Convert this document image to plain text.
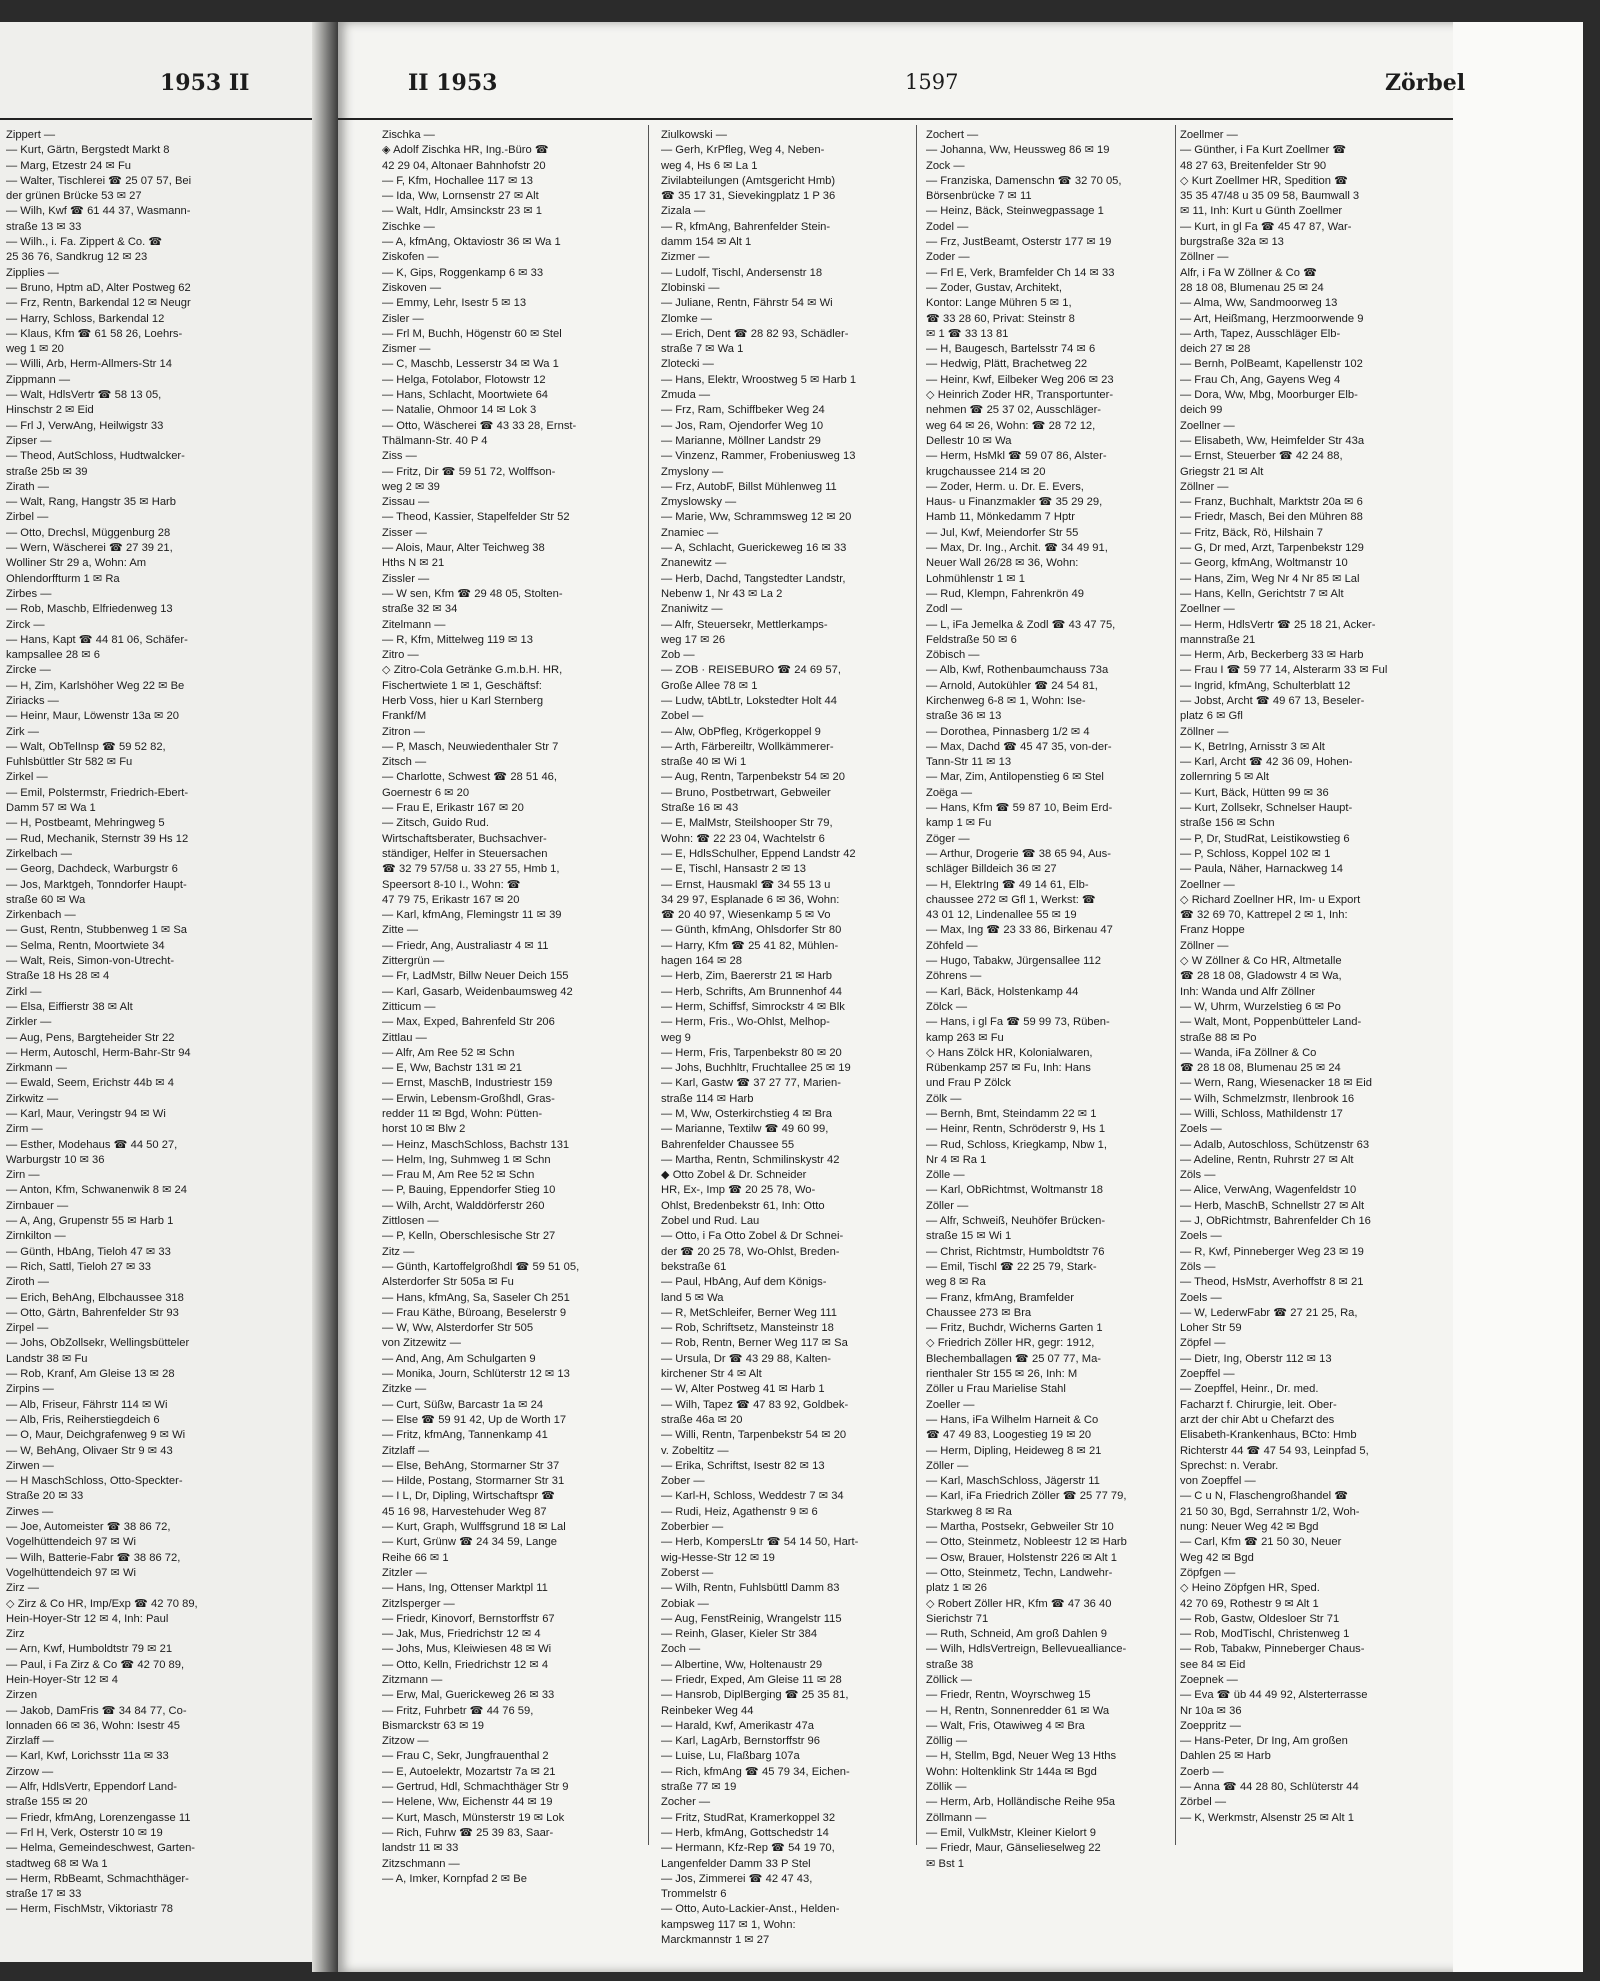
1953 II	II 1953	1597	Zörbel
Zippert —
— Kurt, Gärtn, Bergstedt Markt 8
— Marg, Etzestr 24 ✉ Fu
— Walter, Tischlerei ☎ 25 07 57, Bei
der grünen Brücke 53 ✉ 27
— Wilh, Kwf ☎ 61 44 37, Wasmann-
straße 13 ✉ 33
— Wilh., i. Fa. Zippert & Co. ☎
25 36 76, Sandkrug 12 ✉ 23
Zipplies —
— Bruno, Hptm aD, Alter Postweg 62
— Frz, Rentn, Barkendal 12 ✉ Neugr
— Harry, Schloss, Barkendal 12
— Klaus, Kfm ☎ 61 58 26, Loehrs-
weg 1 ✉ 20
— Willi, Arb, Herm-Allmers-Str 14
Zippmann —
— Walt, HdlsVertr ☎ 58 13 05,
Hinschstr 2 ✉ Eid
— Frl J, VerwAng, Heilwigstr 33
Zipser —
— Theod, AutSchloss, Hudtwalcker-
straße 25b ✉ 39
Zirath —
— Walt, Rang, Hangstr 35 ✉ Harb
Zirbel —
— Otto, Drechsl, Müggenburg 28
— Wern, Wäscherei ☎ 27 39 21,
Wolliner Str 29 a, Wohn: Am
Ohlendorffturm 1 ✉ Ra
Zirbes —
— Rob, Maschb, Elfriedenweg 13
Zirck —
— Hans, Kapt ☎ 44 81 06, Schäfer-
kampsallee 28 ✉ 6
Zircke —
— H, Zim, Karlshöher Weg 22 ✉ Be
Ziriacks —
— Heinr, Maur, Löwenstr 13a ✉ 20
Zirk —
— Walt, ObTelInsp ☎ 59 52 82,
Fuhlsbüttler Str 582 ✉ Fu
Zirkel —
— Emil, Polstermstr, Friedrich-Ebert-
Damm 57 ✉ Wa 1
— H, Postbeamt, Mehringweg 5
— Rud, Mechanik, Sternstr 39 Hs 12
Zirkelbach —
— Georg, Dachdeck, Warburgstr 6
— Jos, Marktgeh, Tonndorfer Haupt-
straße 60 ✉ Wa
Zirkenbach —
— Gust, Rentn, Stubbenweg 1 ✉ Sa
— Selma, Rentn, Moortwiete 34
— Walt, Reis, Simon-von-Utrecht-
Straße 18 Hs 28 ✉ 4
Zirkl —
— Elsa, Eiffierstr 38 ✉ Alt
Zirkler —
— Aug, Pens, Bargteheider Str 22
— Herm, Autoschl, Herm-Bahr-Str 94
Zirkmann —
— Ewald, Seem, Erichstr 44b ✉ 4
Zirkwitz —
— Karl, Maur, Veringstr 94 ✉ Wi
Zirm —
— Esther, Modehaus ☎ 44 50 27,
Warburgstr 10 ✉ 36
Zirn —
— Anton, Kfm, Schwanenwik 8 ✉ 24
Zirnbauer —
— A, Ang, Grupenstr 55 ✉ Harb 1
Zirnkilton —
— Günth, HbAng, Tieloh 47 ✉ 33
— Rich, Sattl, Tieloh 27 ✉ 33
Ziroth —
— Erich, BehAng, Elbchaussee 318
— Otto, Gärtn, Bahrenfelder Str 93
Zirpel —
— Johs, ObZollsekr, Wellingsbütteler
Landstr 38 ✉ Fu
— Rob, Kranf, Am Gleise 13 ✉ 28
Zirpins —
— Alb, Friseur, Fährstr 114 ✉ Wi
— Alb, Fris, Reiherstiegdeich 6
— O, Maur, Deichgrafenweg 9 ✉ Wi
— W, BehAng, Olivaer Str 9 ✉ 43
Zirwen —
— H MaschSchloss, Otto-Speckter-
Straße 20 ✉ 33
Zirwes —
— Joe, Automeister ☎ 38 86 72,
Vogelhüttendeich 97 ✉ Wi
— Wilh, Batterie-Fabr ☎ 38 86 72,
Vogelhüttendeich 97 ✉ Wi
Zirz —
◇ Zirz & Co HR, Imp/Exp ☎ 42 70 89,
Hein-Hoyer-Str 12 ✉ 4, Inh: Paul
Zirz
— Arn, Kwf, Humboldtstr 79 ✉ 21
— Paul, i Fa Zirz & Co ☎ 42 70 89,
Hein-Hoyer-Str 12 ✉ 4
Zirzen
— Jakob, DamFris ☎ 34 84 77, Co-
lonnaden 66 ✉ 36, Wohn: Isestr 45
Zirzlaff —
— Karl, Kwf, Lorichsstr 11a ✉ 33
Zirzow —
— Alfr, HdlsVertr, Eppendorf Land-
straße 155 ✉ 20
— Friedr, kfmAng, Lorenzengasse 11
— Frl H, Verk, Osterstr 10 ✉ 19
— Helma, Gemeindeschwest, Garten-
stadtweg 68 ✉ Wa 1
— Herm, RbBeamt, Schmachthäger-
straße 17 ✉ 33
— Herm, FischMstr, Viktoriastr 78
Zischka —
◈ Adolf Zischka HR, Ing.-Büro ☎
42 29 04, Altonaer Bahnhofstr 20
— F, Kfm, Hochallee 117 ✉ 13
— Ida, Ww, Lornsenstr 27 ✉ Alt
— Walt, Hdlr, Amsinckstr 23 ✉ 1
Zischke —
— A, kfmAng, Oktaviostr 36 ✉ Wa 1
Ziskofen —
— K, Gips, Roggenkamp 6 ✉ 33
Ziskoven —
— Emmy, Lehr, Isestr 5 ✉ 13
Zisler —
— Frl M, Buchh, Högenstr 60 ✉ Stel
Zismer —
— C, Maschb, Lesserstr 34 ✉ Wa 1
— Helga, Fotolabor, Flotowstr 12
— Hans, Schlacht, Moortwiete 64
— Natalie, Ohmoor 14 ✉ Lok 3
— Otto, Wäscherei ☎ 43 33 28, Ernst-
Thälmann-Str. 40 P 4
Ziss —
— Fritz, Dir ☎ 59 51 72, Wolffson-
weg 2 ✉ 39
Zissau —
— Theod, Kassier, Stapelfelder Str 52
Zisser —
— Alois, Maur, Alter Teichweg 38
Hths N ✉ 21
Zissler —
— W sen, Kfm ☎ 29 48 05, Stolten-
straße 32 ✉ 34
Zitelmann —
— R, Kfm, Mittelweg 119 ✉ 13
Zitro —
◇ Zitro-Cola Getränke G.m.b.H. HR,
Fischertwiete 1 ✉ 1, Geschäftsf:
Herb Voss, hier u Karl Sternberg
Frankf/M
Zitron —
— P, Masch, Neuwiedenthaler Str 7
Zitsch —
— Charlotte, Schwest ☎ 28 51 46,
Goernestr 6 ✉ 20
— Frau E, Erikastr 167 ✉ 20
— Zitsch, Guido Rud.
Wirtschaftsberater, Buchsachver-
ständiger, Helfer in Steuersachen
☎ 32 79 57/58 u. 33 27 55, Hmb 1,
Speersort 8-10 I., Wohn: ☎
47 79 75, Erikastr 167 ✉ 20
— Karl, kfmAng, Flemingstr 11 ✉ 39
Zitte —
— Friedr, Ang, Australiastr 4 ✉ 11
Zittergrün —
— Fr, LadMstr, Billw Neuer Deich 155
— Karl, Gasarb, Weidenbaumsweg 42
Zitticum —
— Max, Exped, Bahrenfeld Str 206
Zittlau —
— Alfr, Am Ree 52 ✉ Schn
— E, Ww, Bachstr 131 ✉ 21
— Ernst, MaschB, Industriestr 159
— Erwin, Lebensm-Großhdl, Gras-
redder 11 ✉ Bgd, Wohn: Pütten-
horst 10 ✉ Blw 2
— Heinz, MaschSchloss, Bachstr 131
— Helm, Ing, Suhmweg 1 ✉ Schn
— Frau M, Am Ree 52 ✉ Schn
— P, Bauing, Eppendorfer Stieg 10
— Wilh, Archt, Walddörferstr 260
Zittlosen —
— P, Kelln, Oberschlesische Str 27
Zitz —
— Günth, Kartoffelgroßhdl ☎ 59 51 05,
Alsterdorfer Str 505a ✉ Fu
— Hans, kfmAng, Sa, Saseler Ch 251
— Frau Käthe, Büroang, Beselerstr 9
— W, Ww, Alsterdorfer Str 505
von Zitzewitz —
— And, Ang, Am Schulgarten 9
— Monika, Journ, Schlüterstr 12 ✉ 13
Zitzke —
— Curt, Süßw, Barcastr 1a ✉ 24
— Else ☎ 59 91 42, Up de Worth 17
— Fritz, kfmAng, Tannenkamp 41
Zitzlaff —
— Else, BehAng, Stormarner Str 37
— Hilde, Postang, Stormarner Str 31
— I L, Dr, Dipling, Wirtschaftspr ☎
45 16 98, Harvestehuder Weg 87
— Kurt, Graph, Wulffsgrund 18 ✉ Lal
— Kurt, Grünw ☎ 24 34 59, Lange
Reihe 66 ✉ 1
Zitzler —
— Hans, Ing, Ottenser Marktpl 11
Zitzlsperger —
— Friedr, Kinovorf, Bernstorffstr 67
— Jak, Mus, Friedrichstr 12 ✉ 4
— Johs, Mus, Kleiwiesen 48 ✉ Wi
— Otto, Kelln, Friedrichstr 12 ✉ 4
Zitzmann —
— Erw, Mal, Guerickeweg 26 ✉ 33
— Fritz, Fuhrbetr ☎ 44 76 59,
Bismarckstr 63 ✉ 19
Zitzow —
— Frau C, Sekr, Jungfrauenthal 2
— E, Autoelektr, Mozartstr 7a ✉ 21
— Gertrud, Hdl, Schmachthäger Str 9
— Helene, Ww, Eichenstr 44 ✉ 19
— Kurt, Masch, Münsterstr 19 ✉ Lok
— Rich, Fuhrw ☎ 25 39 83, Saar-
landstr 11 ✉ 33
Zitzschmann —
— A, Imker, Kornpfad 2 ✉ Be
Ziulkowski —
— Gerh, KrPfleg, Weg 4, Neben-
weg 4, Hs 6 ✉ La 1
Zivilabteilungen (Amtsgericht Hmb)
☎ 35 17 31, Sievekingplatz 1 P 36
Zizala —
— R, kfmAng, Bahrenfelder Stein-
damm 154 ✉ Alt 1
Zizmer —
— Ludolf, Tischl, Andersenstr 18
Zlobinski —
— Juliane, Rentn, Fährstr 54 ✉ Wi
Zlomke —
— Erich, Dent ☎ 28 82 93, Schädler-
straße 7 ✉ Wa 1
Zlotecki —
— Hans, Elektr, Wroostweg 5 ✉ Harb 1
Zmuda —
— Frz, Ram, Schiffbeker Weg 24
— Jos, Ram, Ojendorfer Weg 10
— Marianne, Möllner Landstr 29
— Vinzenz, Rammer, Frobeniusweg 13
Zmyslony —
— Frz, AutobF, Billst Mühlenweg 11
Zmyslowsky —
— Marie, Ww, Schrammsweg 12 ✉ 20
Znamiec —
— A, Schlacht, Guerickeweg 16 ✉ 33
Znanewitz —
— Herb, Dachd, Tangstedter Landstr,
Nebenw 1, Nr 43 ✉ La 2
Znaniwitz —
— Alfr, Steuersekr, Mettlerkamps-
weg 17 ✉ 26
Zob —
— ZOB · REISEBURO ☎ 24 69 57,
Große Allee 78 ✉ 1
— Ludw, tAbtLtr, Lokstedter Holt 44
Zobel —
— Alw, ObPfleg, Krögerkoppel 9
— Arth, Färbereiltr, Wollkämmerer-
straße 40 ✉ Wi 1
— Aug, Rentn, Tarpenbekstr 54 ✉ 20
— Bruno, Postbetrwart, Gebweiler
Straße 16 ✉ 43
— E, MalMstr, Steilshooper Str 79,
Wohn: ☎ 22 23 04, Wachtelstr 6
— E, HdlsSchulher, Eppend Landstr 42
— E, Tischl, Hansastr 2 ✉ 13
— Ernst, Hausmakl ☎ 34 55 13 u
34 29 97, Esplanade 6 ✉ 36, Wohn:
☎ 20 40 97, Wiesenkamp 5 ✉ Vo
— Günth, kfmAng, Ohlsdorfer Str 80
— Harry, Kfm ☎ 25 41 82, Mühlen-
hagen 164 ✉ 28
— Herb, Zim, Baererstr 21 ✉ Harb
— Herb, Schrifts, Am Brunnenhof 44
— Herm, Schiffsf, Simrockstr 4 ✉ Blk
— Herm, Fris., Wo-Ohlst, Melhop-
weg 9
— Herm, Fris, Tarpenbekstr 80 ✉ 20
— Johs, Buchhltr, Fruchtallee 25 ✉ 19
— Karl, Gastw ☎ 37 27 77, Marien-
straße 114 ✉ Harb
— M, Ww, Osterkirchstieg 4 ✉ Bra
— Marianne, Textilw ☎ 49 60 99,
Bahrenfelder Chaussee 55
— Martha, Rentn, Schmilinskystr 42
◆ Otto Zobel & Dr. Schneider
HR, Ex-, Imp ☎ 20 25 78, Wo-
Ohlst, Bredenbekstr 61, Inh: Otto
Zobel und Rud. Lau
— Otto, i Fa Otto Zobel & Dr Schnei-
der ☎ 20 25 78, Wo-Ohlst, Breden-
bekstraße 61
— Paul, HbAng, Auf dem Königs-
land 5 ✉ Wa
— R, MetSchleifer, Berner Weg 111
— Rob, Schriftsetz, Mansteinstr 18
— Rob, Rentn, Berner Weg 117 ✉ Sa
— Ursula, Dr ☎ 43 29 88, Kalten-
kirchener Str 4 ✉ Alt
— W, Alter Postweg 41 ✉ Harb 1
— Wilh, Tapez ☎ 47 83 92, Goldbek-
straße 46a ✉ 20
— Willi, Rentn, Tarpenbekstr 54 ✉ 20
v. Zobeltitz —
— Erika, Schriftst, Isestr 82 ✉ 13
Zober —
— Karl-H, Schloss, Weddestr 7 ✉ 34
— Rudi, Heiz, Agathenstr 9 ✉ 6
Zoberbier —
— Herb, KompersLtr ☎ 54 14 50, Hart-
wig-Hesse-Str 12 ✉ 19
Zoberst —
— Wilh, Rentn, Fuhlsbüttl Damm 83
Zobiak —
— Aug, FenstReinig, Wrangelstr 115
— Reinh, Glaser, Kieler Str 384
Zoch —
— Albertine, Ww, Holtenaustr 29
— Friedr, Exped, Am Gleise 11 ✉ 28
— Hansrob, DiplBerging ☎ 25 35 81,
Reinbeker Weg 44
— Harald, Kwf, Amerikastr 47a
— Karl, LagArb, Bernstorffstr 96
— Luise, Lu, Flaßbarg 107a
— Rich, kfmAng ☎ 45 79 34, Eichen-
straße 77 ✉ 19
Zocher —
— Fritz, StudRat, Kramerkoppel 32
— Herb, kfmAng, Gottschedstr 14
— Hermann, Kfz-Rep ☎ 54 19 70,
Langenfelder Damm 33 P Stel
— Jos, Zimmerei ☎ 42 47 43,
Trommelstr 6
— Otto, Auto-Lackier-Anst., Helden-
kampsweg 117 ✉ 1, Wohn:
Marckmannstr 1 ✉ 27
Zochert —
— Johanna, Ww, Heussweg 86 ✉ 19
Zock —
— Franziska, Damenschn ☎ 32 70 05,
Börsenbrücke 7 ✉ 11
— Heinz, Bäck, Steinwegpassage 1
Zodel —
— Frz, JustBeamt, Osterstr 177 ✉ 19
Zoder —
— Frl E, Verk, Bramfelder Ch 14 ✉ 33
— Zoder, Gustav, Architekt,
Kontor: Lange Mühren 5 ✉ 1,
☎ 33 28 60, Privat: Steinstr 8
✉ 1 ☎ 33 13 81
— H, Baugesch, Bartelsstr 74 ✉ 6
— Hedwig, Plätt, Brachetweg 22
— Heinr, Kwf, Eilbeker Weg 206 ✉ 23
◇ Heinrich Zoder HR, Transportunter-
nehmen ☎ 25 37 02, Ausschläger-
weg 64 ✉ 26, Wohn: ☎ 28 72 12,
Dellestr 10 ✉ Wa
— Herm, HsMkl ☎ 59 07 86, Alster-
krugchaussee 214 ✉ 20
— Zoder, Herm. u. Dr. E. Evers,
Haus- u Finanzmakler ☎ 35 29 29,
Hamb 11, Mönkedamm 7 Hptr
— Jul, Kwf, Meiendorfer Str 55
— Max, Dr. Ing., Archit. ☎ 34 49 91,
Neuer Wall 26/28 ✉ 36, Wohn:
Lohmühlenstr 1 ✉ 1
— Rud, Klempn, Fahrenkrön 49
Zodl —
— L, iFa Jemelka & Zodl ☎ 43 47 75,
Feldstraße 50 ✉ 6
Zöbisch —
— Alb, Kwf, Rothenbaumchauss 73a
— Arnold, Autokühler ☎ 24 54 81,
Kirchenweg 6-8 ✉ 1, Wohn: Ise-
straße 36 ✉ 13
— Dorothea, Pinnasberg 1/2 ✉ 4
— Max, Dachd ☎ 45 47 35, von-der-
Tann-Str 11 ✉ 13
— Mar, Zim, Antilopenstieg 6 ✉ Stel
Zoëga —
— Hans, Kfm ☎ 59 87 10, Beim Erd-
kamp 1 ✉ Fu
Zöger —
— Arthur, Drogerie ☎ 38 65 94, Aus-
schläger Billdeich 36 ✉ 27
— H, ElektrIng ☎ 49 14 61, Elb-
chaussee 272 ✉ Gfl 1, Werkst: ☎
43 01 12, Lindenallee 55 ✉ 19
— Max, Ing ☎ 23 33 86, Birkenau 47
Zöhfeld —
— Hugo, Tabakw, Jürgensallee 112
Zöhrens —
— Karl, Bäck, Holstenkamp 44
Zölck —
— Hans, i gl Fa ☎ 59 99 73, Rüben-
kamp 263 ✉ Fu
◇ Hans Zölck HR, Kolonialwaren,
Rübenkamp 257 ✉ Fu, Inh: Hans
und Frau P Zölck
Zölk —
— Bernh, Bmt, Steindamm 22 ✉ 1
— Heinr, Rentn, Schröderstr 9, Hs 1
— Rud, Schloss, Kriegkamp, Nbw 1,
Nr 4 ✉ Ra 1
Zölle —
— Karl, ObRichtmst, Woltmanstr 18
Zöller —
— Alfr, Schweiß, Neuhöfer Brücken-
straße 15 ✉ Wi 1
— Christ, Richtmstr, Humboldtstr 76
— Emil, Tischl ☎ 22 25 79, Stark-
weg 8 ✉ Ra
— Franz, kfmAng, Bramfelder
Chaussee 273 ✉ Bra
— Fritz, Buchdr, Wicherns Garten 1
◇ Friedrich Zöller HR, gegr: 1912,
Blechemballagen ☎ 25 07 77, Ma-
rienthaler Str 155 ✉ 26, Inh: M
Zöller u Frau Marielise Stahl
Zoeller —
— Hans, iFa Wilhelm Harneit & Co
☎ 47 49 83, Loogestieg 19 ✉ 20
— Herm, Dipling, Heideweg 8 ✉ 21
Zöller —
— Karl, MaschSchloss, Jägerstr 11
— Karl, iFa Friedrich Zöller ☎ 25 77 79,
Starkweg 8 ✉ Ra
— Martha, Postsekr, Gebweiler Str 10
— Otto, Steinmetz, Nobleestr 12 ✉ Harb
— Osw, Brauer, Holstenstr 226 ✉ Alt 1
— Otto, Steinmetz, Techn, Landwehr-
platz 1 ✉ 26
◇ Robert Zöller HR, Kfm ☎ 47 36 40
Sierichstr 71
— Ruth, Schneid, Am groß Dahlen 9
— Wilh, HdlsVertreign, Bellevuealliance-
straße 38
Zöllick —
— Friedr, Rentn, Woyrschweg 15
— H, Rentn, Sonnenredder 61 ✉ Wa
— Walt, Fris, Otawiweg 4 ✉ Bra
Zöllig —
— H, Stellm, Bgd, Neuer Weg 13 Hths
Wohn: Holtenklink Str 144a ✉ Bgd
Zöllik —
— Herm, Arb, Holländische Reihe 95a
Zöllmann —
— Emil, VulkMstr, Kleiner Kielort 9
— Friedr, Maur, Gänselieselweg 22
✉ Bst 1
Zoellmer —
— Günther, i Fa Kurt Zoellmer ☎
48 27 63, Breitenfelder Str 90
◇ Kurt Zoellmer HR, Spedition ☎
35 35 47/48 u 35 09 58, Baumwall 3
✉ 11, Inh: Kurt u Günth Zoellmer
— Kurt, in gl Fa ☎ 45 47 87, War-
burgstraße 32a ✉ 13
Zöllner —
Alfr, i Fa W Zöllner & Co ☎
28 18 08, Blumenau 25 ✉ 24
— Alma, Ww, Sandmoorweg 13
— Art, Heißmang, Herzmoorwende 9
— Arth, Tapez, Ausschläger Elb-
deich 27 ✉ 28
— Bernh, PolBeamt, Kapellenstr 102
— Frau Ch, Ang, Gayens Weg 4
— Dora, Ww, Mbg, Moorburger Elb-
deich 99
Zoellner —
— Elisabeth, Ww, Heimfelder Str 43a
— Ernst, Steuerber ☎ 42 24 88,
Griegstr 21 ✉ Alt
Zöllner —
— Franz, Buchhalt, Marktstr 20a ✉ 6
— Friedr, Masch, Bei den Mühren 88
— Fritz, Bäck, Rö, Hilshain 7
— G, Dr med, Arzt, Tarpenbekstr 129
— Georg, kfmAng, Woltmanstr 10
— Hans, Zim, Weg Nr 4 Nr 85 ✉ Lal
— Hans, Kelln, Gerichtstr 7 ✉ Alt
Zoellner —
— Herm, HdlsVertr ☎ 25 18 21, Acker-
mannstraße 21
— Herm, Arb, Beckerberg 33 ✉ Harb
— Frau I ☎ 59 77 14, Alsterarm 33 ✉ Ful
— Ingrid, kfmAng, Schulterblatt 12
— Jobst, Archt ☎ 49 67 13, Beseler-
platz 6 ✉ Gfl
Zöllner —
— K, BetrIng, Arnisstr 3 ✉ Alt
— Karl, Archt ☎ 42 36 09, Hohen-
zollernring 5 ✉ Alt
— Kurt, Bäck, Hütten 99 ✉ 36
— Kurt, Zollsekr, Schnelser Haupt-
straße 156 ✉ Schn
— P, Dr, StudRat, Leistikowstieg 6
— P, Schloss, Koppel 102 ✉ 1
— Paula, Näher, Harnackweg 14
Zoellner —
◇ Richard Zoellner HR, Im- u Export
☎ 32 69 70, Kattrepel 2 ✉ 1, Inh:
Franz Hoppe
Zöllner —
◇ W Zöllner & Co HR, Altmetalle
☎ 28 18 08, Gladowstr 4 ✉ Wa,
Inh: Wanda und Alfr Zöllner
— W, Uhrm, Wurzelstieg 6 ✉ Po
— Walt, Mont, Poppenbütteler Land-
straße 88 ✉ Po
— Wanda, iFa Zöllner & Co
☎ 28 18 08, Blumenau 25 ✉ 24
— Wern, Rang, Wiesenacker 18 ✉ Eid
— Wilh, Schmelzmstr, Ilenbrook 16
— Willi, Schloss, Mathildenstr 17
Zoels —
— Adalb, Autoschloss, Schützenstr 63
— Adeline, Rentn, Ruhrstr 27 ✉ Alt
Zöls —
— Alice, VerwAng, Wagenfeldstr 10
— Herb, MaschB, Schnellstr 27 ✉ Alt
— J, ObRichtmstr, Bahrenfelder Ch 16
Zoels —
— R, Kwf, Pinneberger Weg 23 ✉ 19
Zöls —
— Theod, HsMstr, Averhoffstr 8 ✉ 21
Zoels —
— W, LederwFabr ☎ 27 21 25, Ra,
Loher Str 59
Zöpfel —
— Dietr, Ing, Oberstr 112 ✉ 13
Zoepffel —
— Zoepffel, Heinr., Dr. med.
Facharzt f. Chirurgie, leit. Ober-
arzt der chir Abt u Chefarzt des
Elisabeth-Krankenhaus, BCto: Hmb
Richterstr 44 ☎ 47 54 93, Leinpfad 5,
Sprechst: n. Verabr.
von Zoepffel —
— C u N, Flaschengroßhandel ☎
21 50 30, Bgd, Serrahnstr 1/2, Woh-
nung: Neuer Weg 42 ✉ Bgd
— Carl, Kfm ☎ 21 50 30, Neuer
Weg 42 ✉ Bgd
Zöpfgen —
◇ Heino Zöpfgen HR, Sped.
42 70 69, Rothestr 9 ✉ Alt 1
— Rob, Gastw, Oldesloer Str 71
— Rob, ModTischl, Christenweg 1
— Rob, Tabakw, Pinneberger Chaus-
see 84 ✉ Eid
Zoepnek —
— Eva ☎ üb 44 49 92, Alsterterrasse
Nr 10a ✉ 36
Zoeppritz —
— Hans-Peter, Dr Ing, Am großen
Dahlen 25 ✉ Harb
Zoerb —
— Anna ☎ 44 28 80, Schlüterstr 44
Zörbel —
— K, Werkmstr, Alsenstr 25 ✉ Alt 1
